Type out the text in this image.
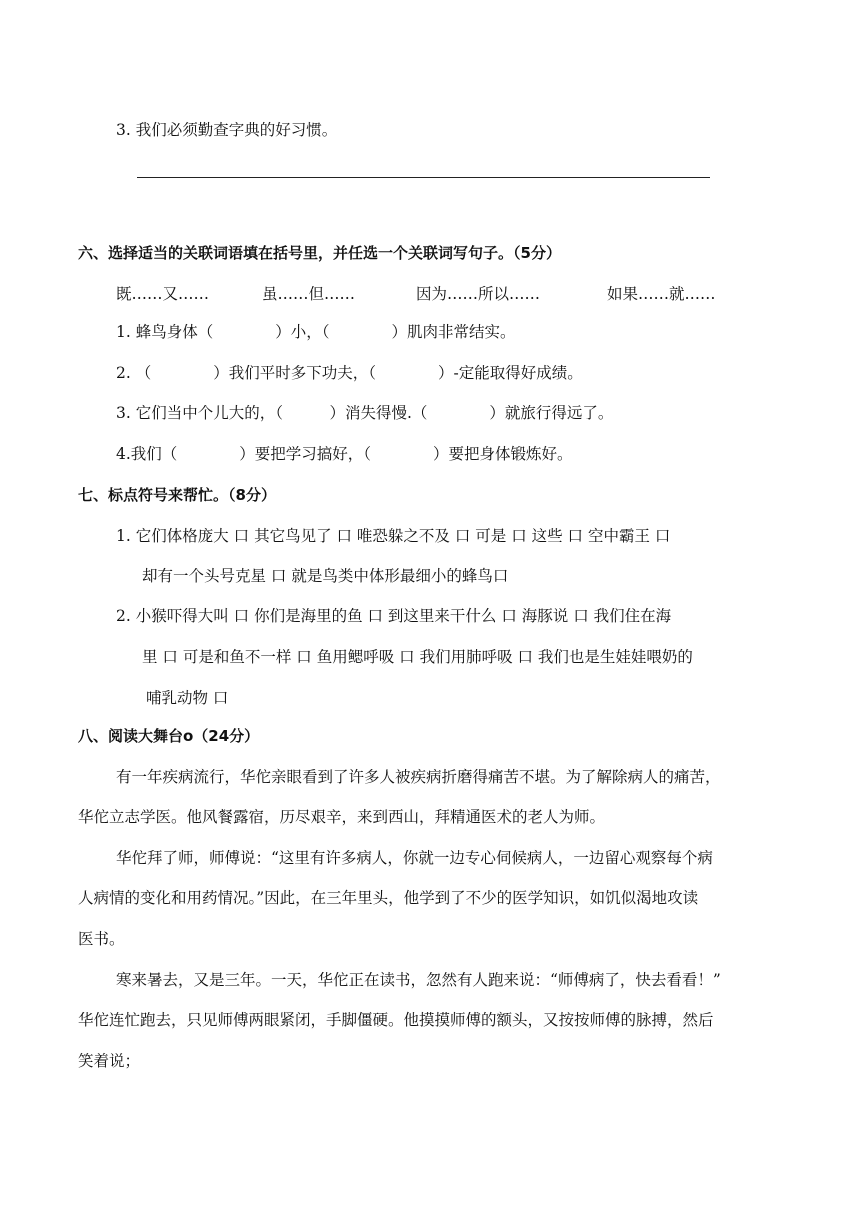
3. 我们必须勤查字典的好习惯。
六、选择适当的关联词语填在括号里，并任选一个关联词写句子。（5分）
既……又……	虽……但……	因为……所以……	如果……就……
1. 蜂鸟身体（　　　　）小，（　　　　）肌肉非常结实。
2. （　　　　）我们平时多下功夫，（　　　　）-定能取得好成绩。
3. 它们当中个儿大的，（　　　）消失得慢.（　　　　）就旅行得远了。
4.我们（　　　　）要把学习搞好，（　　　　）要把身体锻炼好。
七、标点符号来帮忙。（8分）
1. 它们体格庞大 口 其它鸟见了 口 唯恐躲之不及 口 可是 口 这些 口 空中霸王 口
却有一个头号克星 口 就是鸟类中体形最细小的蜂鸟口
2. 小猴吓得大叫 口 你们是海里的鱼 口 到这里来干什么 口 海豚说 口 我们住在海
里 口 可是和鱼不一样 口 鱼用鳃呼吸 口 我们用肺呼吸 口 我们也是生娃娃喂奶的
哺乳动物 口
八、阅读大舞台o（24分）
有一年疾病流行，华佗亲眼看到了许多人被疾病折磨得痛苦不堪。为了解除病人的痛苦，
华佗立志学医。他风餐露宿，历尽艰辛，来到西山，拜精通医术的老人为师。
华佗拜了师，师傅说：“这里有许多病人，你就一边专心伺候病人，一边留心观察每个病
人病情的变化和用药情况。”因此，在三年里头，他学到了不少的医学知识，如饥似渴地攻读
医书。
寒来暑去，又是三年。一天，华佗正在读书，忽然有人跑来说：“师傅病了，快去看看！”
华佗连忙跑去，只见师傅两眼紧闭，手脚僵硬。他摸摸师傅的额头，又按按师傅的脉搏，然后
笑着说；
